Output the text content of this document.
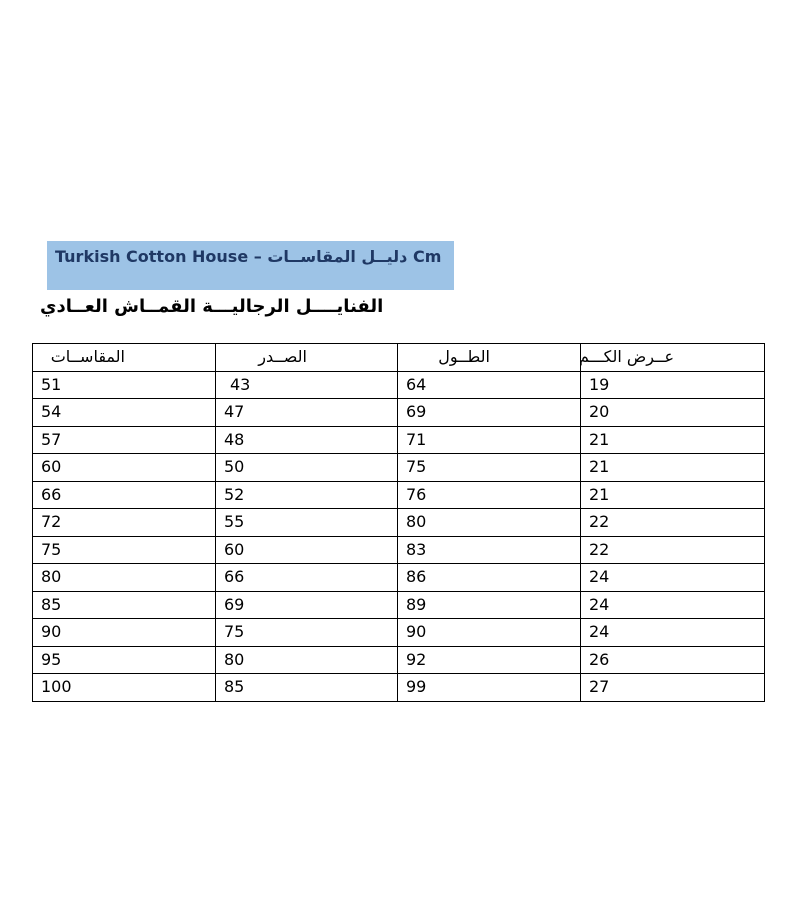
Turkish Cotton House – دليــل المقاســات Cm
الفنايــــل الرجاليـــة القمــاش العــادي
المقاســات	الصــدر	الطــول	عــرض الكـــم
51	43	64	19
54	47	69	20
57	48	71	21
60	50	75	21
66	52	76	21
72	55	80	22
75	60	83	22
80	66	86	24
85	69	89	24
90	75	90	24
95	80	92	26
100	85	99	27
